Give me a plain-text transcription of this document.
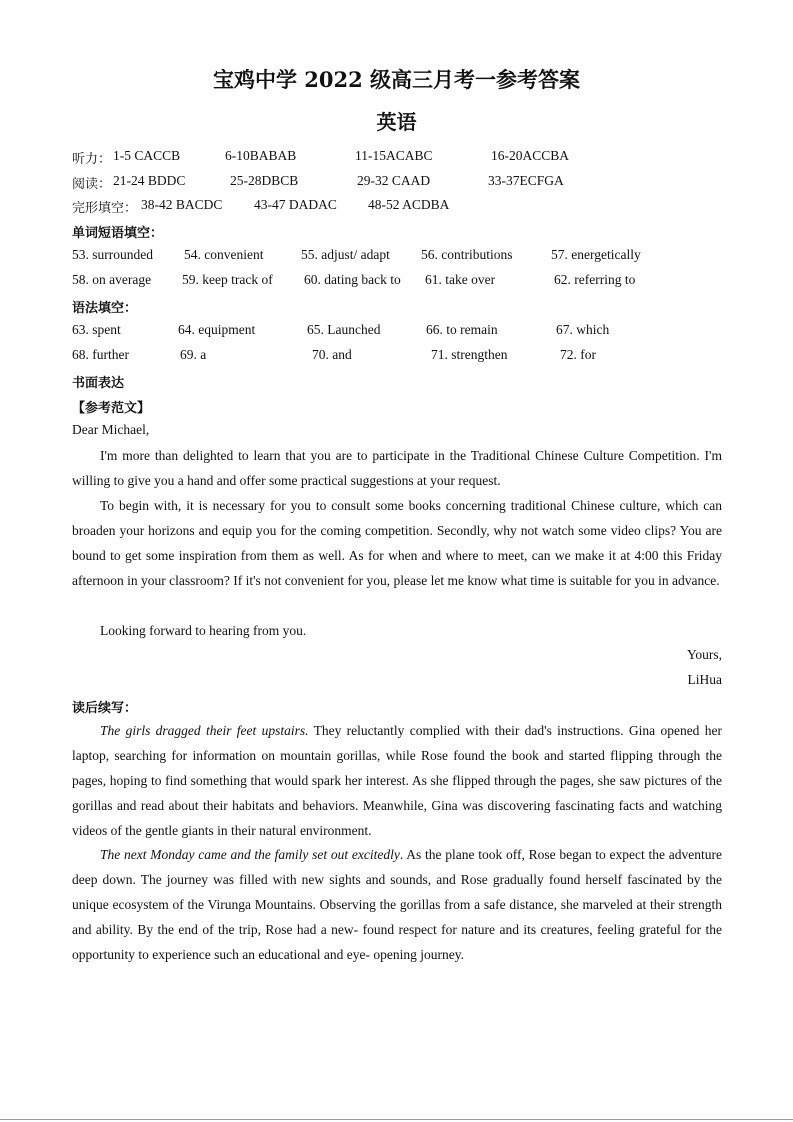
宝鸡中学 2022 级高三月考一参考答案
英语
听力： 1-5 CACCB	6-10BABAB	11-15ACABC	16-20ACCBA
阅读： 21-24 BDDC	25-28DBCB	29-32 CAAD	33-37ECFGA
完形填空： 38-42 BACDC 43-47 DADAC 48-52 ACDBA
单词短语填空：
53. surrounded 54. convenient	55. adjust/ adapt 56. contributions	57. energetically
58. on average 59. keep track of 60. dating back to 61. take over	62. referring to
语法填空：
63. spent	64. equipment	65. Launched	66. to remain	67. which
68. further	69. a	70. and	71. strengthen	72. for
书面表达
【参考范文】
Dear Michael,
I'm more than delighted to learn that you are to participate in the Traditional Chinese Culture Competition. I'm willing to give you a hand and offer some practical suggestions at your request.
To begin with, it is necessary for you to consult some books concerning traditional Chinese culture, which can broaden your horizons and equip you for the coming competition. Secondly, why not watch some video clips? You are bound to get some inspiration from them as well. As for when and where to meet, can we make it at 4:00 this Friday afternoon in your classroom? If it's not convenient for you, please let me know what time is suitable for you in advance.
Looking forward to hearing from you.
Yours,
LiHua
读后续写：
The girls dragged their feet upstairs. They reluctantly complied with their dad's instructions. Gina opened her laptop, searching for information on mountain gorillas, while Rose found the book and started flipping through the pages, hoping to find something that would spark her interest. As she flipped through the pages, she saw pictures of the gorillas and read about their habitats and behaviors. Meanwhile, Gina was discovering fascinating facts and watching videos of the gentle giants in their natural environment.
The next Monday came and the family set out excitedly. As the plane took off, Rose began to expect the adventure deep down. The journey was filled with new sights and sounds, and Rose gradually found herself fascinated by the unique ecosystem of the Virunga Mountains. Observing the gorillas from a safe distance, she marveled at their strength and ability. By the end of the trip, Rose had a new- found respect for nature and its creatures, feeling grateful for the opportunity to experience such an educational and eye- opening journey.
